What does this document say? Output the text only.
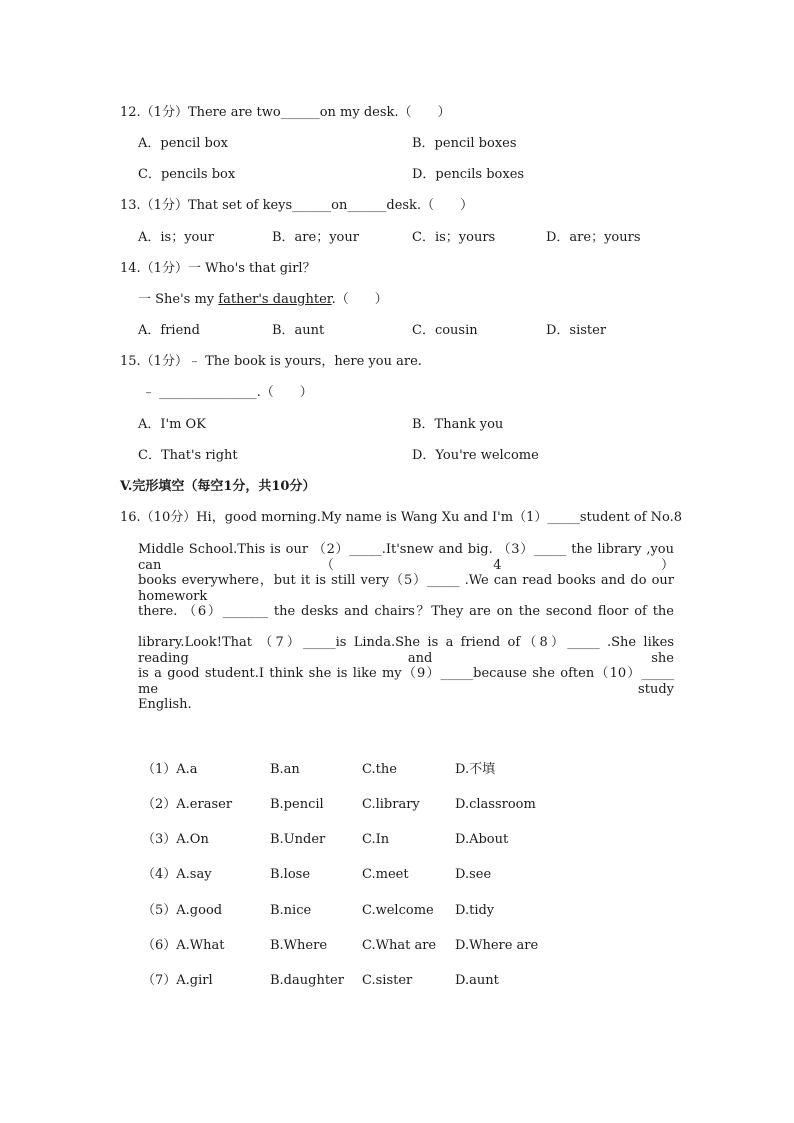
12.（1分）There are two______on my desk.（　　）
A．pencil box	B．pencil boxes
C．pencils box	D．pencils boxes
13.（1分）That set of keys______on______desk.（　　）
A．is；your	B．are；your	C．is；yours	D．are；yours
14.（1分）一 Who's that girl？
一 She's my father's daughter.（　　）
A．friend	B．aunt	C．cousin	D．sister
15.（1分）﹣ The book is yours，here you are.
﹣ _______________.（　　）
A．I'm OK	B．Thank you
C．That's right	D．You're welcome
V.完形填空（每空1分，共10分）
16.（10分）Hi，good morning.My name is Wang Xu and I'm（1）_____student of No.8
Middle School.This is our （2）_____.It'snew and big. （3）_____ the library ,you can（4）
books everywhere，but it is still very（5）_____ .We can read books and do our homework
there. （6）_______ the desks and chairs？They are on the second floor of the
library.Look!That （7）_____is Linda.She is a friend of（8）_____ .She likes reading and she
is a good student.I think she is like my（9）_____because she often（10）_____ me study
English.
（1）A.a	B.an	C.the	D.不填
（2）A.eraser	B.pencil	C.library	D.classroom
（3）A.On	B.Under	C.In	D.About
（4）A.say	B.lose	C.meet	D.see
（5）A.good	B.nice	C.welcome D.tidy
（6）A.What	B.Where	C.What are D.Where are
（7）A.girl	B.daughter C.sister	D.aunt
